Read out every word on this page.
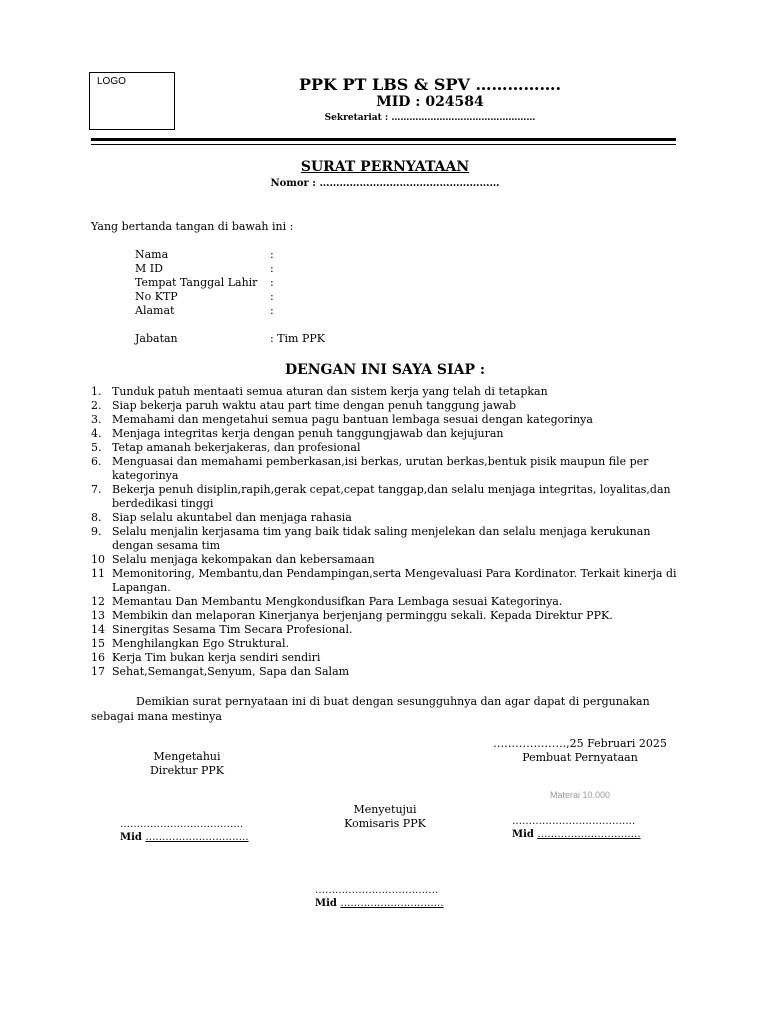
LOGO	PPK PT LBS & SPV …………….
MID : 024584
Sekretariat : …………………………………………
SURAT PERNYATAAN
Nomor : ………………………………………………
Yang bertanda tangan di bawah ini :
Nama	:
M ID	:
Tempat Tanggal Lahir	:
No KTP	:
Alamat	:
Jabatan	: Tim PPK
DENGAN INI SAYA SIAP :
1. Tunduk patuh mentaati semua aturan dan sistem kerja yang telah di tetapkan
2. Siap bekerja paruh waktu atau part time dengan penuh tanggung jawab
3. Memahami dan mengetahui semua pagu bantuan lembaga sesuai dengan kategorinya
4. Menjaga integritas kerja dengan penuh tanggungjawab dan kejujuran
5. Tetap amanah bekerjakeras, dan profesional
6. Menguasai dan memahami pemberkasan,isi berkas, urutan berkas,bentuk pisik maupun file per kategorinya
7. Bekerja penuh disiplin,rapih,gerak cepat,cepat tanggap,dan selalu menjaga integritas, loyalitas,dan berdedikasi tinggi
8. Siap selalu akuntabel dan menjaga rahasia
9. Selalu menjalin kerjasama tim yang baik tidak saling menjelekan dan selalu menjaga kerukunan dengan sesama tim
10 Selalu menjaga kekompakan dan kebersamaan
11 Memonitoring, Membantu,dan Pendampingan,serta Mengevaluasi Para Kordinator. Terkait kinerja di Lapangan.
12 Memantau Dan Membantu Mengkondusifkan Para Lembaga sesuai Kategorinya.
13 Membikin dan melaporan Kinerjanya berjenjang perminggu sekali. Kepada Direktur PPK.
14 Sinergitas Sesama Tim Secara Profesional.
15 Menghilangkan Ego Struktural.
16 Kerja Tim bukan kerja sendiri sendiri
17 Sehat,Semangat,Senyum, Sapa dan Salam
Demikian surat pernyataan ini di buat dengan sesungguhnya dan agar dapat di pergunakan
sebagai mana mestinya
………………..,25 Februari 2025
Pembuat Pernyataan
Mengetahui
Direktur PPK
Materai 10.000
Menyetujui
Komisaris PPK
……………………………….
Mid ………………………….
……………………………….
Mid ………………………….
……………………………….
Mid ………………………….
